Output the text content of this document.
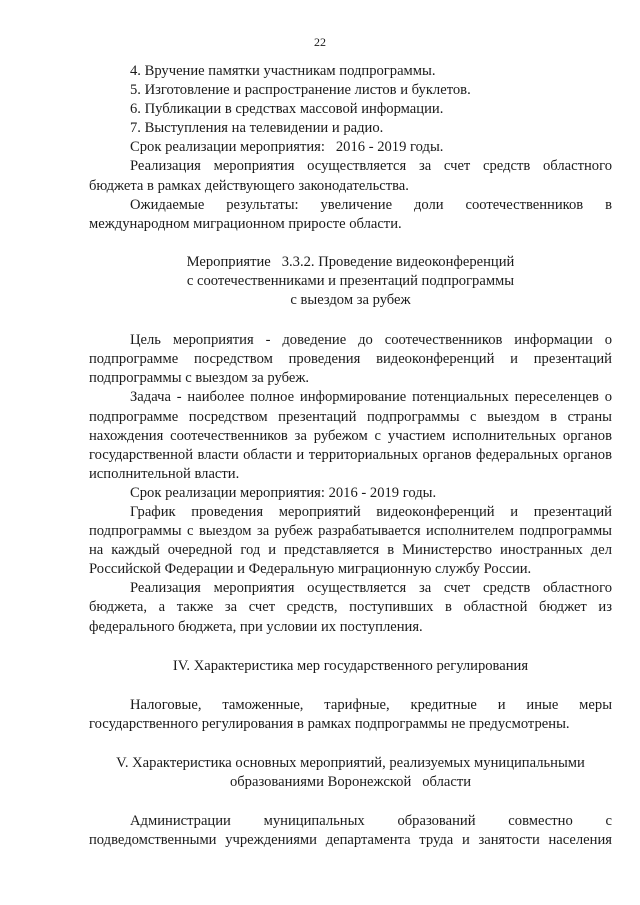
22

4. Вручение памятки участникам подпрограммы.

5. Изготовление и распространение листов и буклетов.

6. Публикации в средствах массовой информации.

7. Выступления на телевидении и радио.

Срок реализации мероприятия:   2016 - 2019 годы.

Реализация мероприятия осуществляется за счет средств областного бюджета в рамках действующего законодательства.

Ожидаемые результаты: увеличение доли соотечественников в международном миграционном приросте области.

Мероприятие   3.3.2. Проведение видеоконференций

с соотечественниками и презентаций подпрограммы

с выездом за рубеж

Цель мероприятия - доведение до соотечественников информации о подпрограмме посредством проведения видеоконференций и презентаций подпрограммы с выездом за рубеж.

Задача - наиболее полное информирование потенциальных переселенцев о подпрограмме посредством презентаций подпрограммы с выездом в страны нахождения соотечественников за рубежом с участием исполнительных органов государственной власти области и территориальных органов федеральных органов исполнительной власти.

Срок реализации мероприятия: 2016 - 2019 годы.

График проведения мероприятий видеоконференций и презентаций подпрограммы с выездом за рубеж разрабатывается исполнителем подпрограммы на каждый очередной год и представляется в Министерство иностранных дел Российской Федерации и Федеральную миграционную службу России.

Реализация мероприятия осуществляется за счет средств областного бюджета, а также за счет средств, поступивших в областной бюджет из федерального бюджета, при условии их поступления.

IV. Характеристика мер государственного регулирования

Налоговые, таможенные, тарифные, кредитные и иные меры государственного регулирования в рамках подпрограммы не предусмотрены.

V. Характеристика основных мероприятий, реализуемых муниципальными

образованиями Воронежской   области

Администрации муниципальных образований совместно с подведомственными учреждениями департамента труда и занятости населения
